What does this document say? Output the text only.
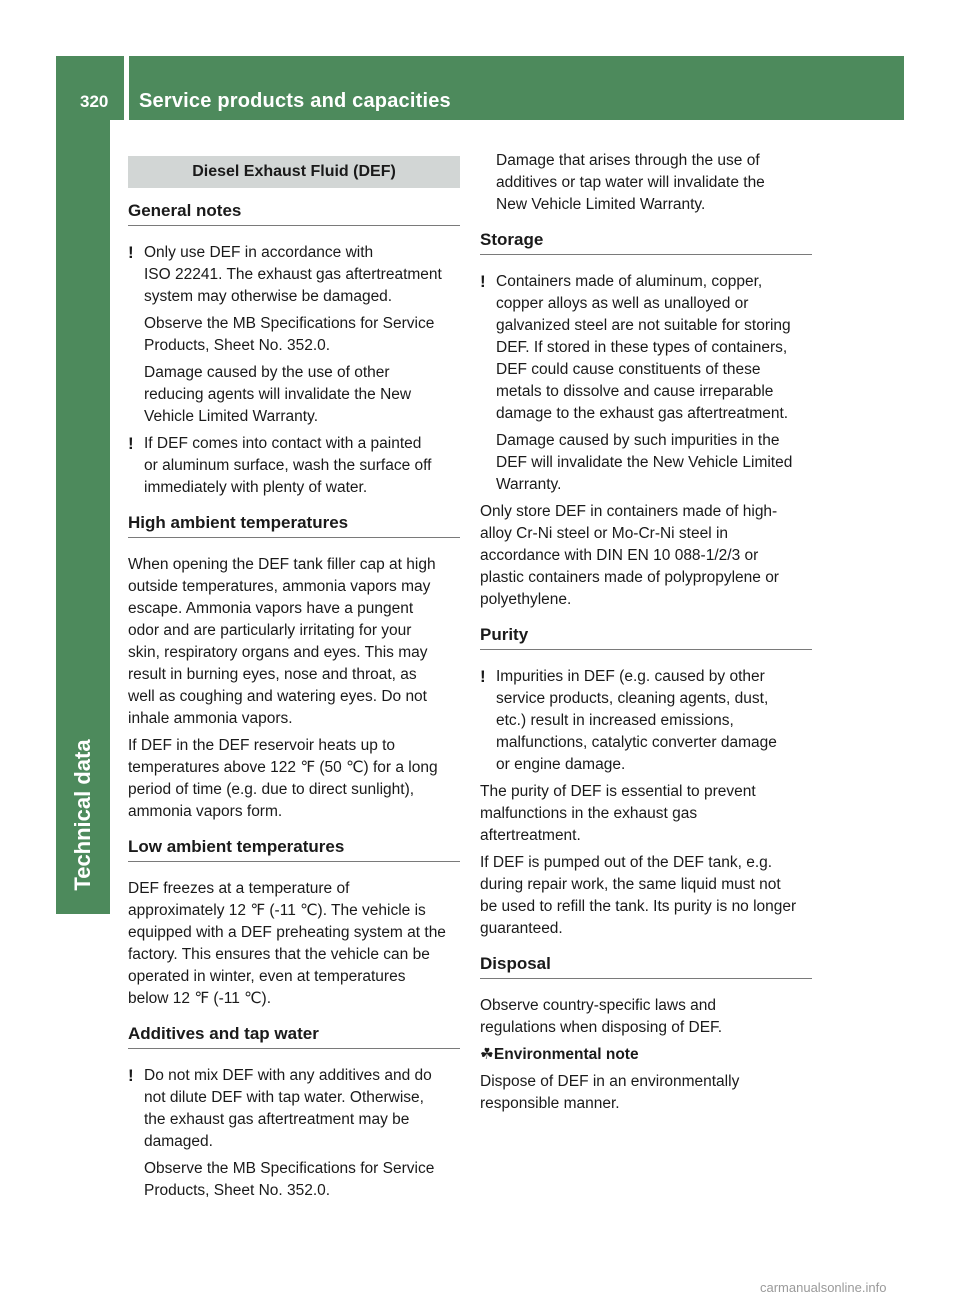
320	Service products and capacities
Technical data
Diesel Exhaust Fluid (DEF)
General notes
! Only use DEF in accordance with
ISO 22241. The exhaust gas aftertreatment
system may otherwise be damaged.
Observe the MB Specifications for Service
Products, Sheet No. 352.0.
Damage caused by the use of other
reducing agents will invalidate the New
Vehicle Limited Warranty.
! If DEF comes into contact with a painted
or aluminum surface, wash the surface off
immediately with plenty of water.
High ambient temperatures
When opening the DEF tank filler cap at high
outside temperatures, ammonia vapors may
escape. Ammonia vapors have a pungent
odor and are particularly irritating for your
skin, respiratory organs and eyes. This may
result in burning eyes, nose and throat, as
well as coughing and watering eyes. Do not
inhale ammonia vapors.
If DEF in the DEF reservoir heats up to
temperatures above 122 ℉ (50 ℃) for a long
period of time (e.g. due to direct sunlight),
ammonia vapors form.
Low ambient temperatures
DEF freezes at a temperature of
approximately 12 ℉ (‑11 ℃). The vehicle is
equipped with a DEF preheating system at the
factory. This ensures that the vehicle can be
operated in winter, even at temperatures
below 12 ℉ (‑11 ℃).
Additives and tap water
! Do not mix DEF with any additives and do
not dilute DEF with tap water. Otherwise,
the exhaust gas aftertreatment may be
damaged.
Observe the MB Specifications for Service
Products, Sheet No. 352.0.
Damage that arises through the use of
additives or tap water will invalidate the
New Vehicle Limited Warranty.
Storage
! Containers made of aluminum, copper,
copper alloys as well as unalloyed or
galvanized steel are not suitable for storing
DEF. If stored in these types of containers,
DEF could cause constituents of these
metals to dissolve and cause irreparable
damage to the exhaust gas aftertreatment.
Damage caused by such impurities in the
DEF will invalidate the New Vehicle Limited
Warranty.
Only store DEF in containers made of high-
alloy Cr-Ni steel or Mo-Cr-Ni steel in
accordance with DIN EN 10 088-1/2/3 or
plastic containers made of polypropylene or
polyethylene.
Purity
! Impurities in DEF (e.g. caused by other
service products, cleaning agents, dust,
etc.) result in increased emissions,
malfunctions, catalytic converter damage
or engine damage.
The purity of DEF is essential to prevent
malfunctions in the exhaust gas
aftertreatment.
If DEF is pumped out of the DEF tank, e.g.
during repair work, the same liquid must not
be used to refill the tank. Its purity is no longer
guaranteed.
Disposal
Observe country-specific laws and
regulations when disposing of DEF.

☘Environmental note

Dispose of DEF in an environmentally
responsible manner.
carmanualsonline.info
